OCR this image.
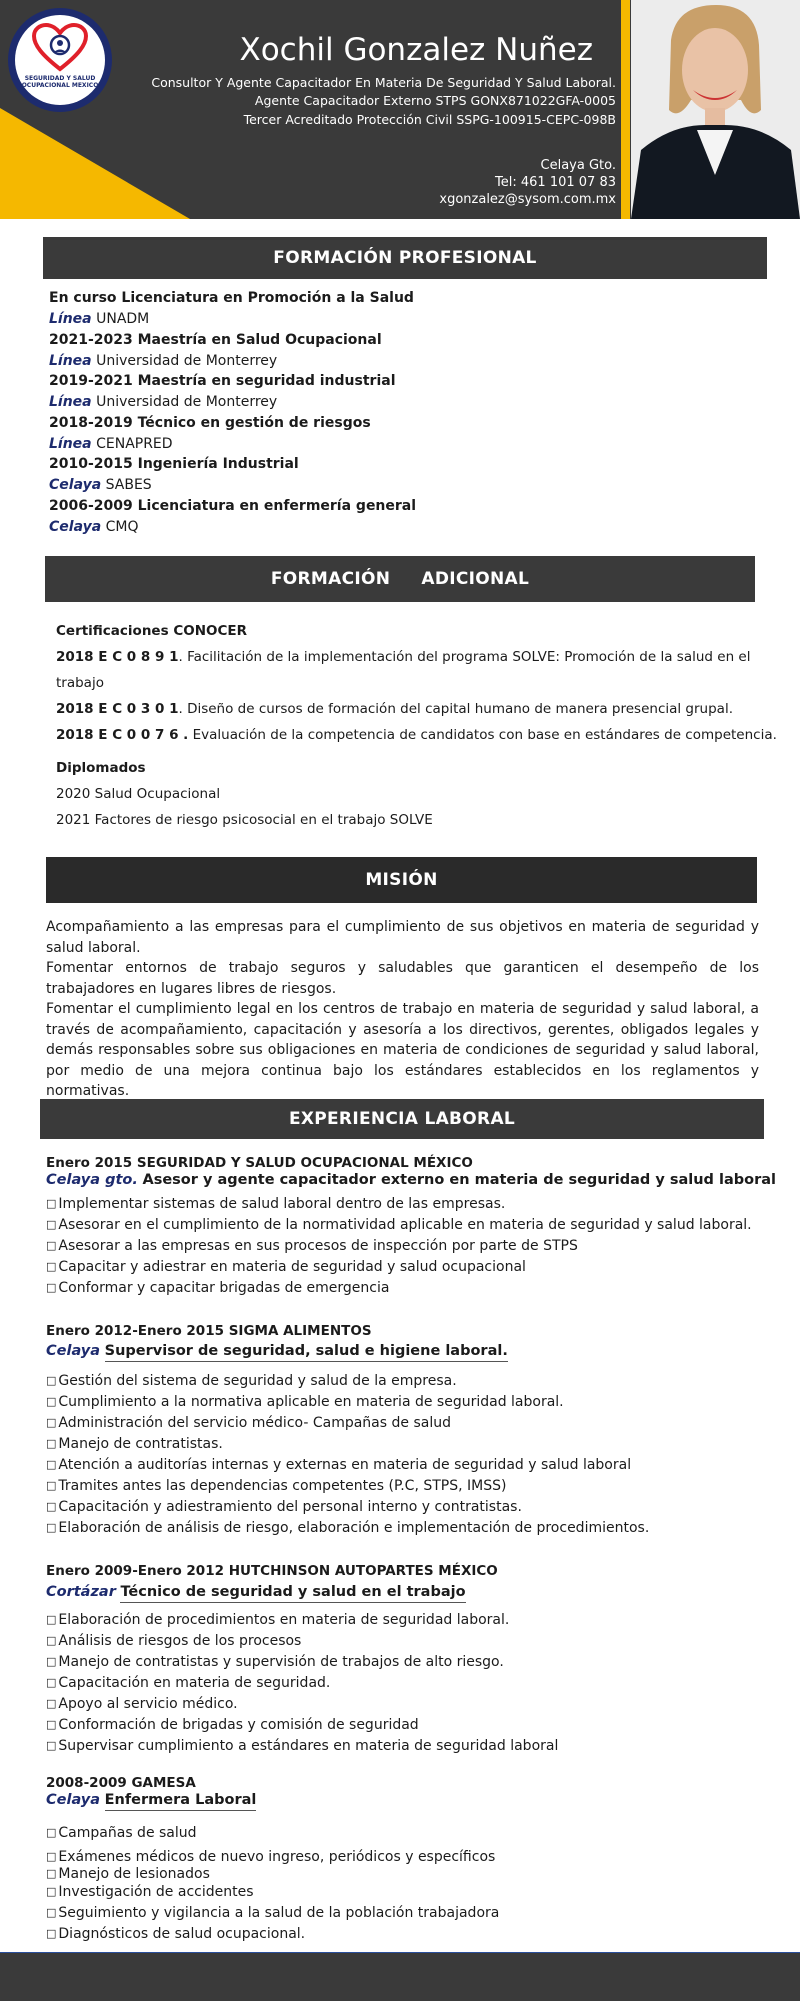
SEGURIDAD Y SALUD OCUPACIONAL MEXICO
Xochil Gonzalez Nuñez
Consultor Y Agente Capacitador En Materia De Seguridad Y Salud Laboral.
Agente Capacitador Externo STPS GONX871022GFA-0005
Tercer Acreditado Protección Civil SSPG-100915-CEPC-098B
Celaya Gto.
Tel: 461 101 07 83
xgonzalez@sysom.com.mx
FORMACIÓN PROFESIONAL
En curso Licenciatura en Promoción a la Salud
Línea UNADM
2021-2023 Maestría en Salud Ocupacional
Línea Universidad de Monterrey
2019-2021 Maestría en seguridad industrial
Línea Universidad de Monterrey
2018-2019 Técnico en gestión de riesgos
Línea CENAPRED
2010-2015 Ingeniería Industrial
Celaya SABES
2006-2009 Licenciatura en enfermería general
Celaya CMQ
FORMACIÓN     ADICIONAL
Certificaciones CONOCER
2018 E C 0 8 9 1. Facilitación de la implementación del programa SOLVE: Promoción de la salud en el
trabajo
2018 E C 0 3 0 1. Diseño de cursos de formación del capital humano de manera presencial grupal.
2018 E C 0 0 7 6 . Evaluación de la competencia de candidatos con base en estándares de competencia.
Diplomados
2020 Salud Ocupacional
2021 Factores de riesgo psicosocial en el trabajo SOLVE
MISIÓN
Acompañamiento a las empresas para el cumplimiento de sus objetivos en materia de seguridad y salud laboral.
Fomentar entornos de trabajo seguros y saludables que garanticen el desempeño de los trabajadores en lugares libres de riesgos.
Fomentar el cumplimiento legal en los centros de trabajo en materia de seguridad y salud laboral, a través de acompañamiento, capacitación y asesoría a los directivos, gerentes, obligados legales y demás responsables sobre sus obligaciones en materia de condiciones de seguridad y salud laboral, por medio de una mejora continua bajo los estándares establecidos en los reglamentos y normativas.
EXPERIENCIA LABORAL
Enero 2015 SEGURIDAD Y SALUD OCUPACIONAL MÉXICO
Celaya gto. Asesor y agente capacitador externo en materia de seguridad y salud laboral
□ Implementar sistemas de salud laboral dentro de las empresas.
□ Asesorar en el cumplimiento de la normatividad aplicable en materia de seguridad y salud laboral.
□ Asesorar a las empresas en sus procesos de inspección por parte de STPS
□ Capacitar y adiestrar en materia de seguridad y salud ocupacional
□ Conformar y capacitar brigadas de emergencia
Enero 2012-Enero 2015 SIGMA ALIMENTOS
Celaya Supervisor de seguridad, salud e higiene laboral.
□ Gestión del sistema de seguridad y salud de la empresa.
□ Cumplimiento a la normativa aplicable en materia de seguridad laboral.
□ Administración del servicio médico- Campañas de salud
□ Manejo de contratistas.
□ Atención a auditorías internas y externas en materia de seguridad y salud laboral
□ Tramites antes las dependencias competentes (P.C, STPS, IMSS)
□ Capacitación y adiestramiento del personal interno y contratistas.
□ Elaboración de análisis de riesgo, elaboración e implementación de procedimientos.
Enero 2009-Enero 2012 HUTCHINSON AUTOPARTES MÉXICO
Cortázar Técnico de seguridad y salud en el trabajo
□ Elaboración de procedimientos en materia de seguridad laboral.
□ Análisis de riesgos de los procesos
□ Manejo de contratistas y supervisión de trabajos de alto riesgo.
□ Capacitación en materia de seguridad.
□ Apoyo al servicio médico.
□ Conformación de brigadas y comisión de seguridad
□ Supervisar cumplimiento a estándares en materia de seguridad laboral
2008-2009 GAMESA
Celaya Enfermera Laboral
□ Campañas de salud
□ Exámenes médicos de nuevo ingreso, periódicos y específicos
□ Manejo de lesionados
□ Investigación de accidentes
□ Seguimiento y vigilancia a la salud de la población trabajadora
□ Diagnósticos de salud ocupacional.
